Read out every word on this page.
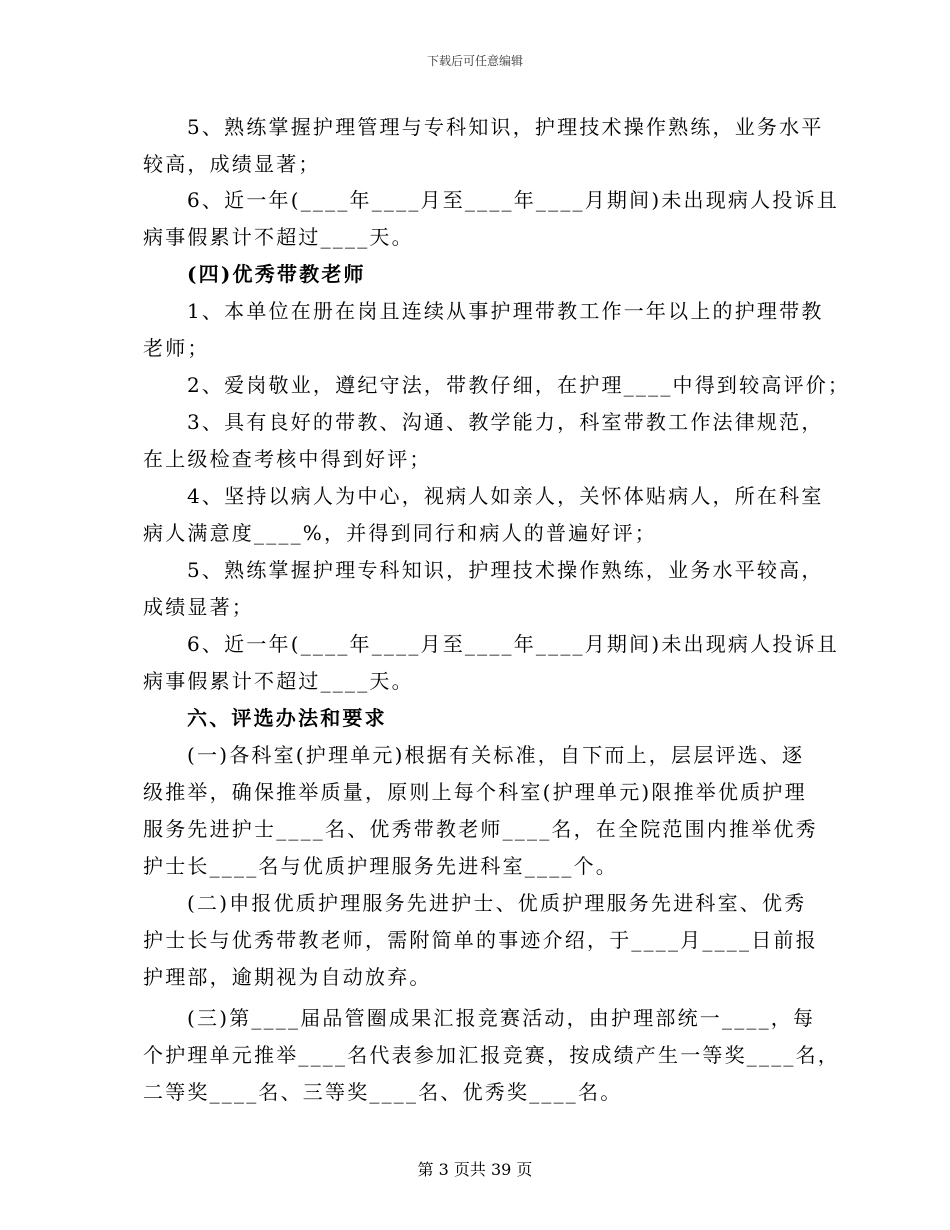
下载后可任意编辑
5、熟练掌握护理管理与专科知识，护理技术操作熟练，业务水平
较高，成绩显著；
6、近一年(____年____月至____年____月期间)未出现病人投诉且
病事假累计不超过____天。
(四)优秀带教老师
1、本单位在册在岗且连续从事护理带教工作一年以上的护理带教
老师；
2、爱岗敬业，遵纪守法，带教仔细，在护理____中得到较高评价；
3、具有良好的带教、沟通、教学能力，科室带教工作法律规范，
在上级检查考核中得到好评；
4、坚持以病人为中心，视病人如亲人，关怀体贴病人，所在科室
病人满意度____%，并得到同行和病人的普遍好评；
5、熟练掌握护理专科知识，护理技术操作熟练，业务水平较高，
成绩显著；
6、近一年(____年____月至____年____月期间)未出现病人投诉且
病事假累计不超过____天。
六、评选办法和要求
(一)各科室(护理单元)根据有关标准，自下而上，层层评选、逐
级推举，确保推举质量，原则上每个科室(护理单元)限推举优质护理
服务先进护士____名、优秀带教老师____名，在全院范围内推举优秀
护士长____名与优质护理服务先进科室____个。
(二)申报优质护理服务先进护士、优质护理服务先进科室、优秀
护士长与优秀带教老师，需附简单的事迹介绍，于____月____日前报
护理部，逾期视为自动放弃。
(三)第____届品管圈成果汇报竞赛活动，由护理部统一____，每
个护理单元推举____名代表参加汇报竞赛，按成绩产生一等奖____名，
二等奖____名、三等奖____名、优秀奖____名。
第 3 页共 39 页
